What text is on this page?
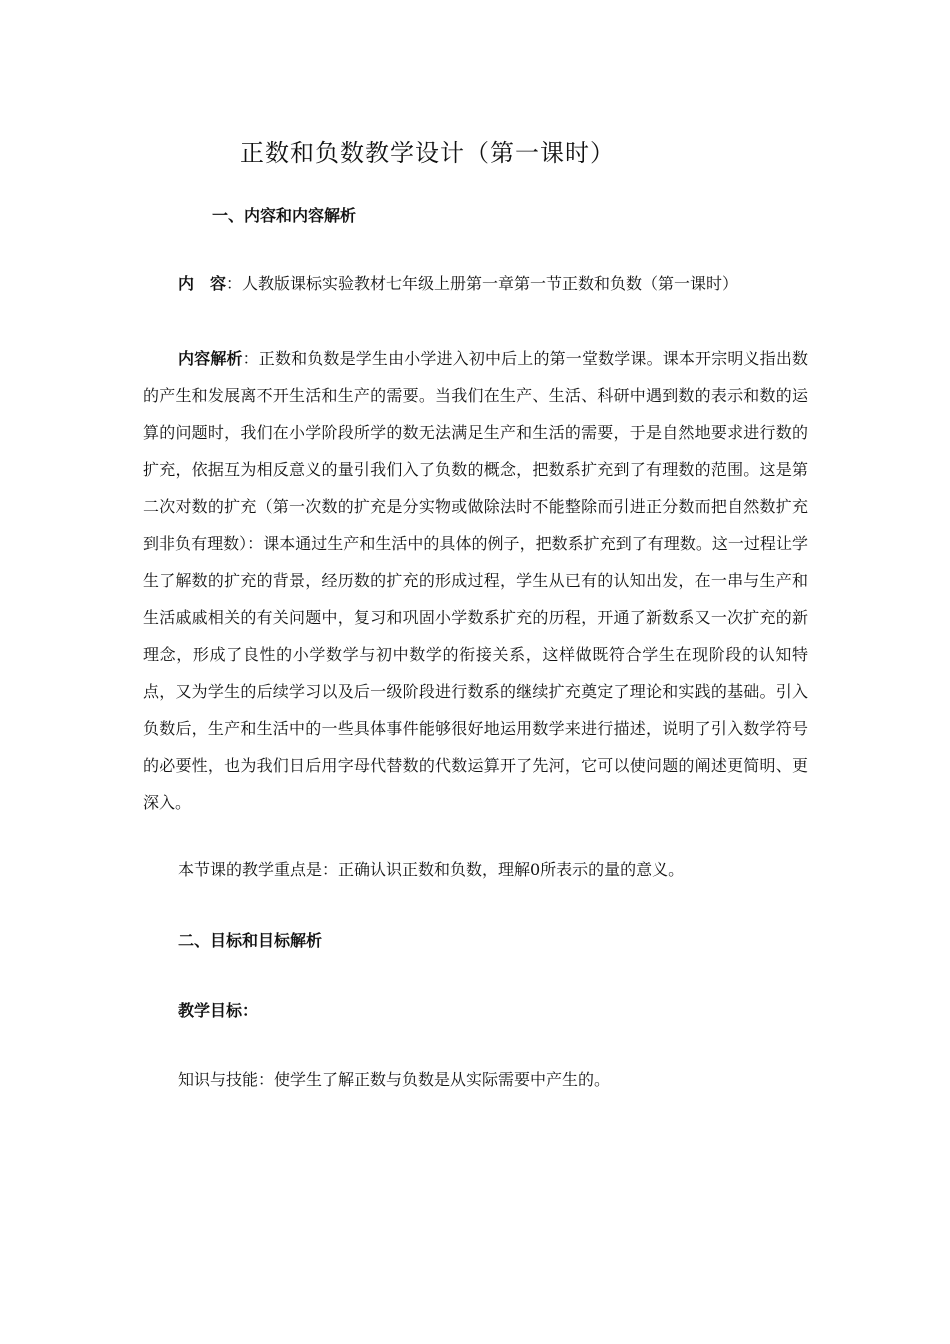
正数和负数教学设计（第一课时）
一、内容和内容解析
内　容：人教版课标实验教材七年级上册第一章第一节正数和负数（第一课时）
内容解析：正数和负数是学生由小学进入初中后上的第一堂数学课。课本开宗明义指出数的产生和发展离不开生活和生产的需要。当我们在生产、生活、科研中遇到数的表示和数的运算的问题时，我们在小学阶段所学的数无法满足生产和生活的需要，于是自然地要求进行数的扩充，依据互为相反意义的量引我们入了负数的概念，把数系扩充到了有理数的范围。这是第二次对数的扩充（第一次数的扩充是分实物或做除法时不能整除而引进正分数而把自然数扩充到非负有理数）：课本通过生产和生活中的具体的例子，把数系扩充到了有理数。这一过程让学生了解数的扩充的背景，经历数的扩充的形成过程，学生从已有的认知出发，在一串与生产和生活戚戚相关的有关问题中，复习和巩固小学数系扩充的历程，开通了新数系又一次扩充的新理念，形成了良性的小学数学与初中数学的衔接关系，这样做既符合学生在现阶段的认知特点，又为学生的后续学习以及后一级阶段进行数系的继续扩充奠定了理论和实践的基础。引入负数后，生产和生活中的一些具体事件能够很好地运用数学来进行描述，说明了引入数学符号的必要性，也为我们日后用字母代替数的代数运算开了先河，它可以使问题的阐述更简明、更深入。
本节课的教学重点是：正确认识正数和负数，理解0所表示的量的意义。
二、目标和目标解析
教学目标：
知识与技能：使学生了解正数与负数是从实际需要中产生的。
